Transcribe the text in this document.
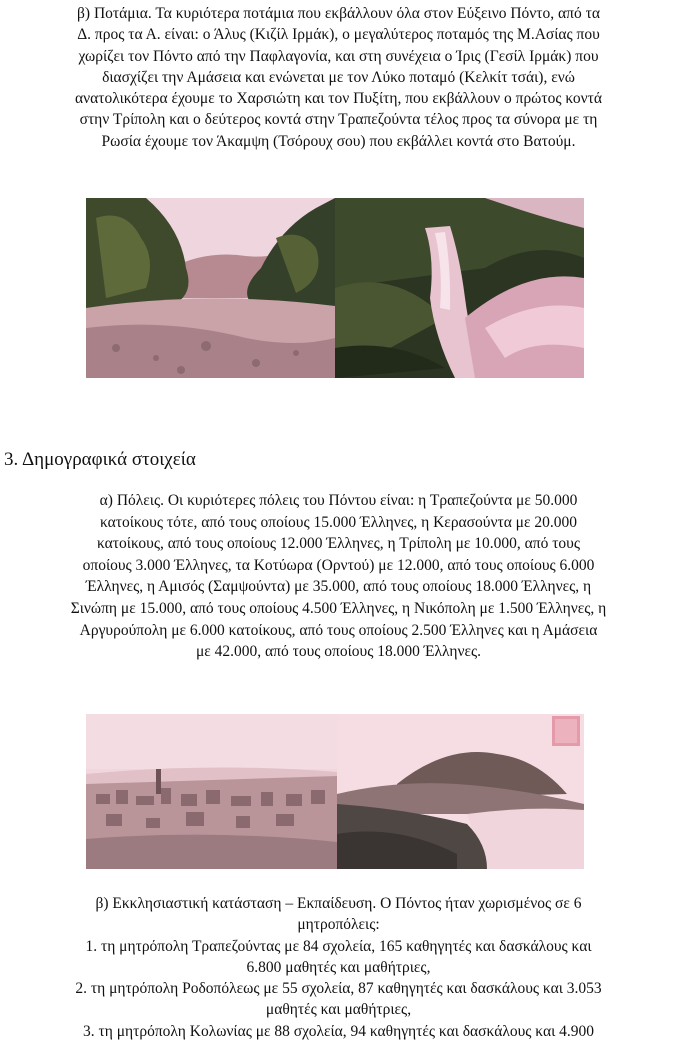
β) Ποτάμια. Τα κυριότερα ποτάμια που εκβάλλουν όλα στον Εύξεινο Πόντο, από τα
Δ. προς τα Α. είναι: ο Άλυς (Κιζίλ Ιρμάκ), ο μεγαλύτερος ποταμός της Μ.Ασίας που
χωρίζει τον Πόντο από την Παφλαγονία, και στη συνέχεια ο Ίρις (Γεσίλ Ιρμάκ) που
διασχίζει την Αμάσεια και ενώνεται με τον Λύκο ποταμό (Κελκίτ τσάι), ενώ
ανατολικότερα έχουμε το Χαρσιώτη και τον Πυξίτη, που εκβάλλουν ο πρώτος κοντά
στην Τρίπολη και ο δεύτερος κοντά στην Τραπεζούντα τέλος προς τα σύνορα με τη
Ρωσία έχουμε τον Άκαμψη (Τσόρουχ σου) που εκβάλλει κοντά στο Βατούμ.

3. Δημογραφικά στοιχεία

α) Πόλεις. Οι κυριότερες πόλεις του Πόντου είναι: η Τραπεζούντα με 50.000
κατοίκους τότε, από τους οποίους 15.000 Έλληνες, η Κερασούντα με 20.000
κατοίκους, από τους οποίους 12.000 Έλληνες, η Τρίπολη με 10.000, από τους
οποίους 3.000 Έλληνες, τα Κοτύωρα (Ορντού) με 12.000, από τους οποίους 6.000
Έλληνες, η Αμισός (Σαμψούντα) με 35.000, από τους οποίους 18.000 Έλληνες, η
Σινώπη με 15.000, από τους οποίους 4.500 Έλληνες, η Νικόπολη με 1.500 Έλληνες, η
Αργυρούπολη με 6.000 κατοίκους, από τους οποίους 2.500 Έλληνες και η Αμάσεια
με 42.000, από τους οποίους 18.000 Έλληνες.

β) Εκκλησιαστική κατάσταση – Εκπαίδευση. Ο Πόντος ήταν χωρισμένος σε 6
μητροπόλεις:
1. τη μητρόπολη Τραπεζούντας με 84 σχολεία, 165 καθηγητές και δασκάλους και
6.800 μαθητές και μαθήτριες,
2. τη μητρόπολη Ροδοπόλεως με 55 σχολεία, 87 καθηγητές και δασκάλους και 3.053
μαθητές και μαθήτριες,
3. τη μητρόπολη Κολωνίας με 88 σχολεία, 94 καθηγητές και δασκάλους και 4.900
